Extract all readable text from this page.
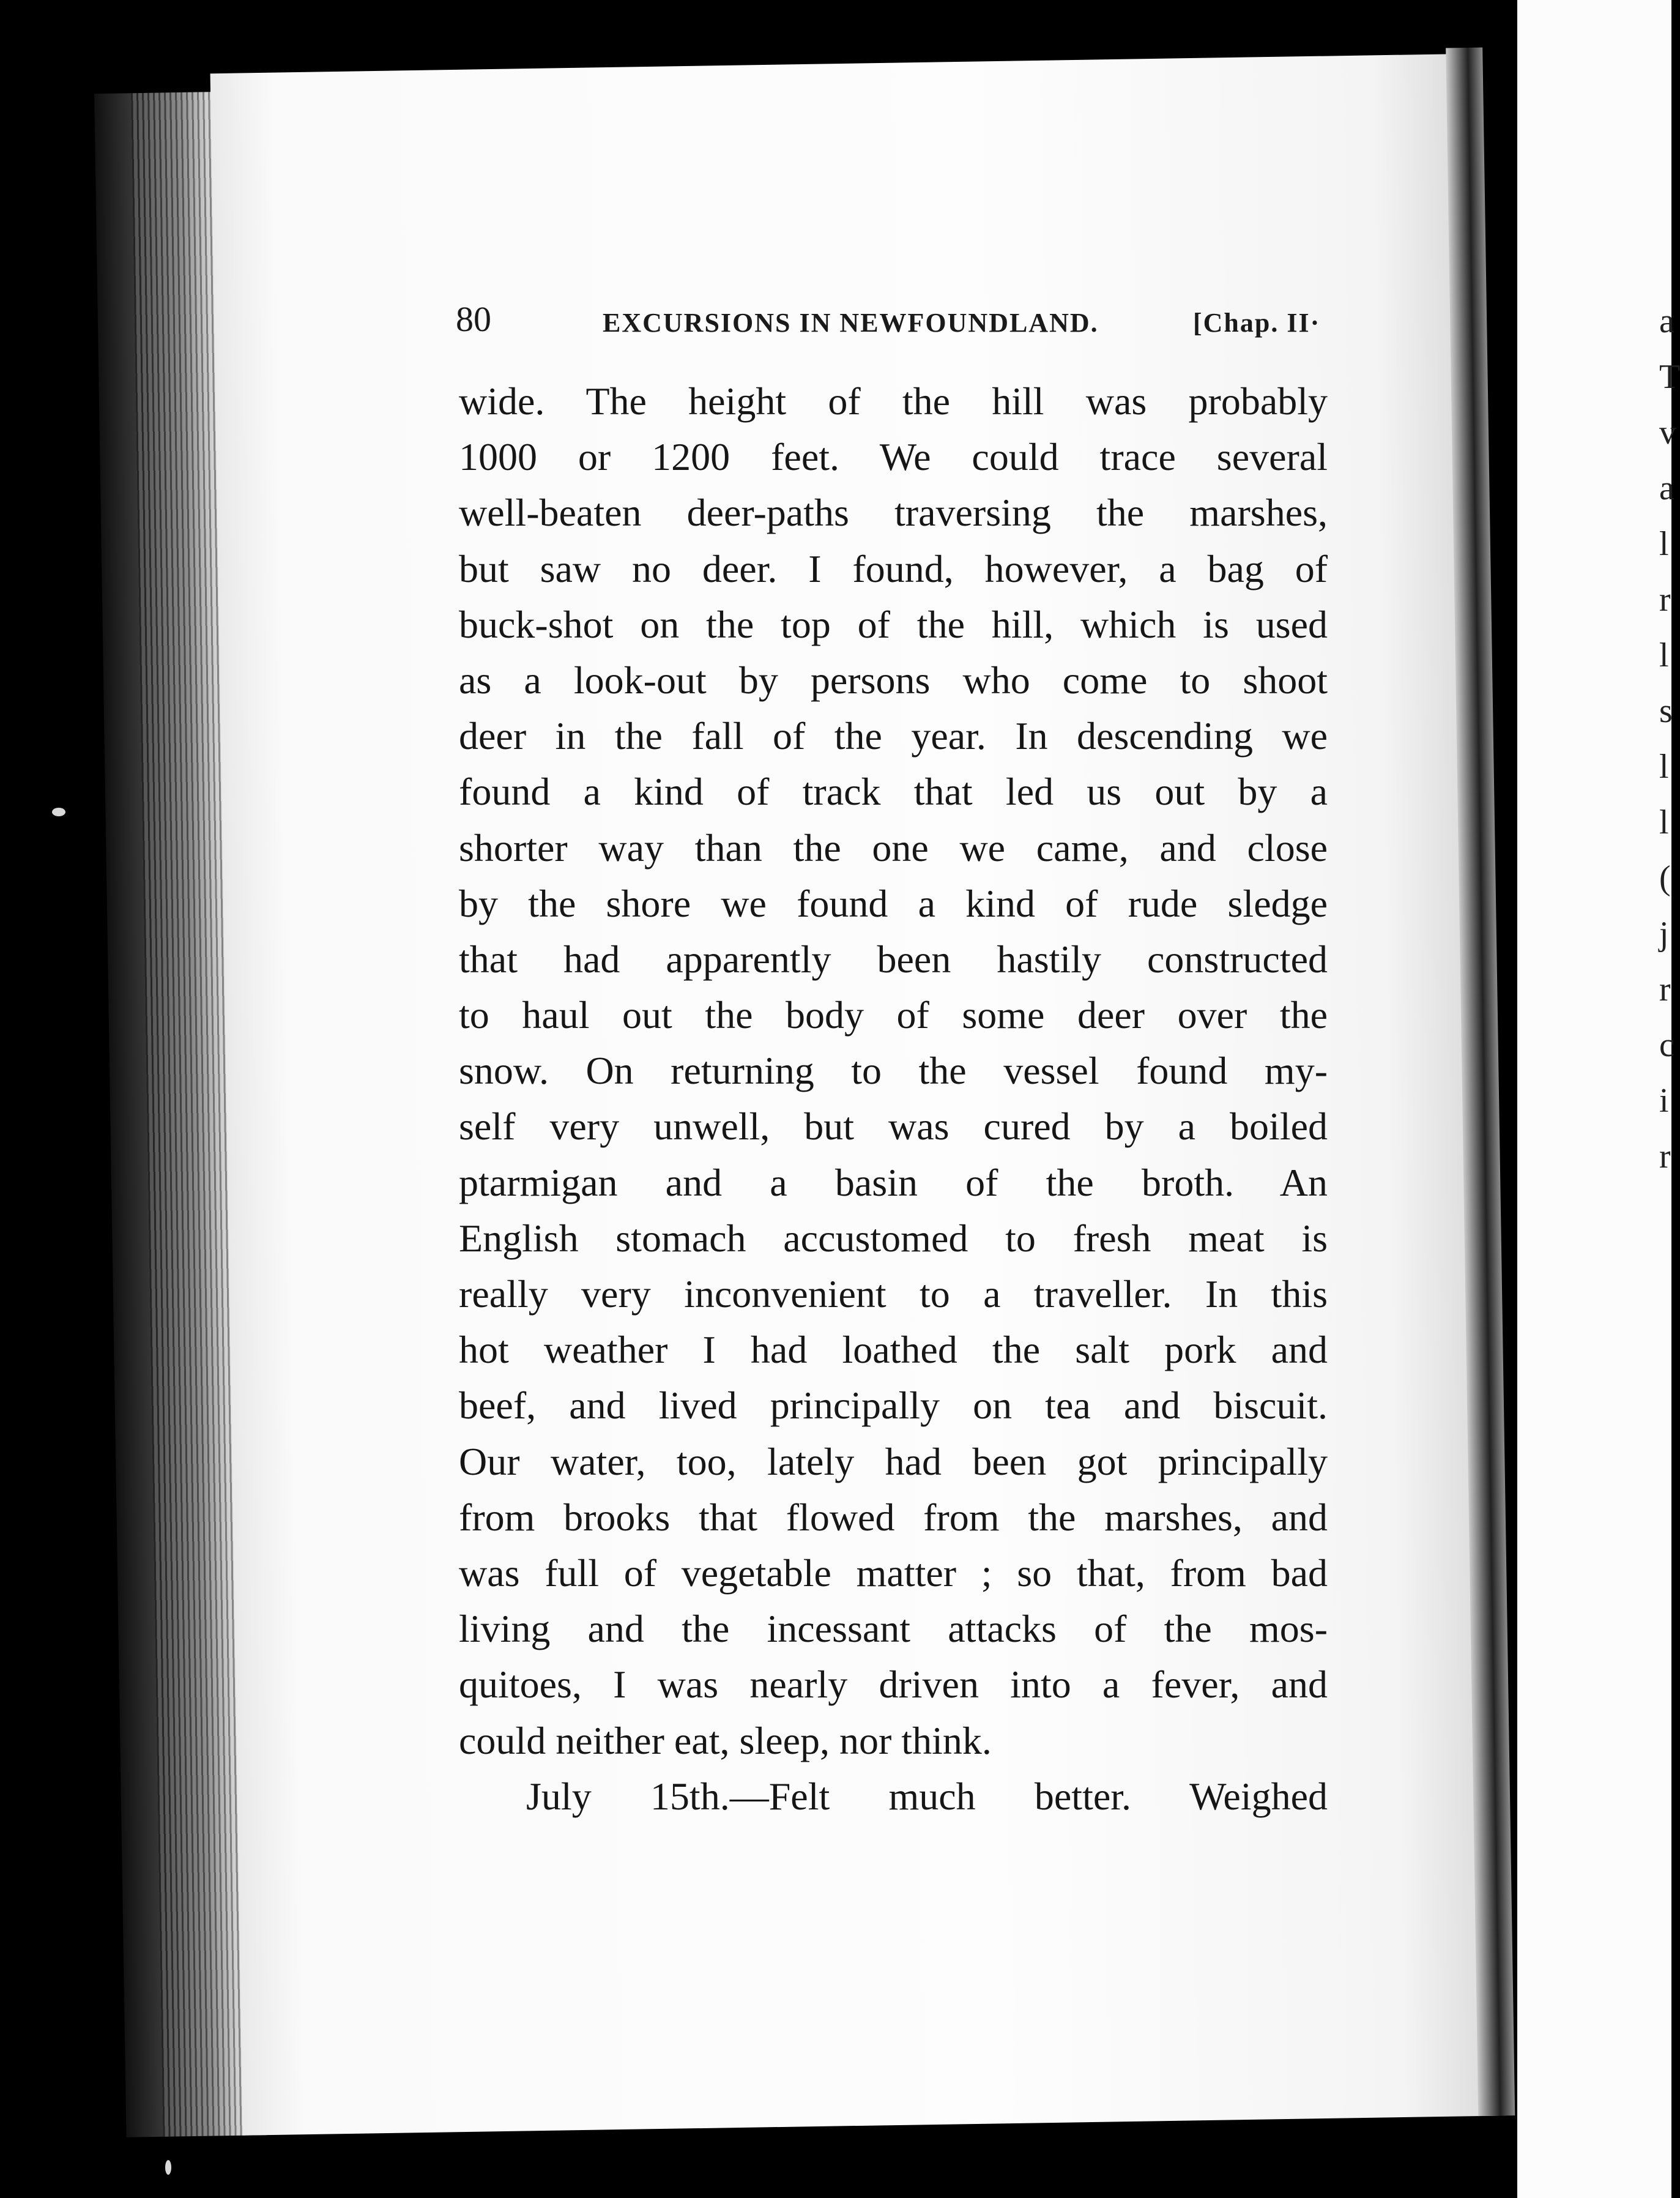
a
T
v
a
l
r
l
s
l
l
(
j
r
c
i
r
80	EXCURSIONS IN NEWFOUNDLAND.	[Chap. II·
wide. The height of the hill was probably
1000 or 1200 feet. We could trace several
well-beaten deer-paths traversing the marshes,
but saw no deer. I found, however, a bag of
buck-shot on the top of the hill, which is used
as a look-out by persons who come to shoot
deer in the fall of the year. In descending we
found a kind of track that led us out by a
shorter way than the one we came, and close
by the shore we found a kind of rude sledge
that had apparently been hastily constructed
to haul out the body of some deer over the
snow. On returning to the vessel found my-
self very unwell, but was cured by a boiled
ptarmigan and a basin of the broth. An
English stomach accustomed to fresh meat is
really very inconvenient to a traveller. In this
hot weather I had loathed the salt pork and
beef, and lived principally on tea and biscuit.
Our water, too, lately had been got principally
from brooks that flowed from the marshes, and
was full of vegetable matter ; so that, from bad
living and the incessant attacks of the mos-
quitoes, I was nearly driven into a fever, and
could neither eat, sleep, nor think.
July 15th.—Felt much better. Weighed
